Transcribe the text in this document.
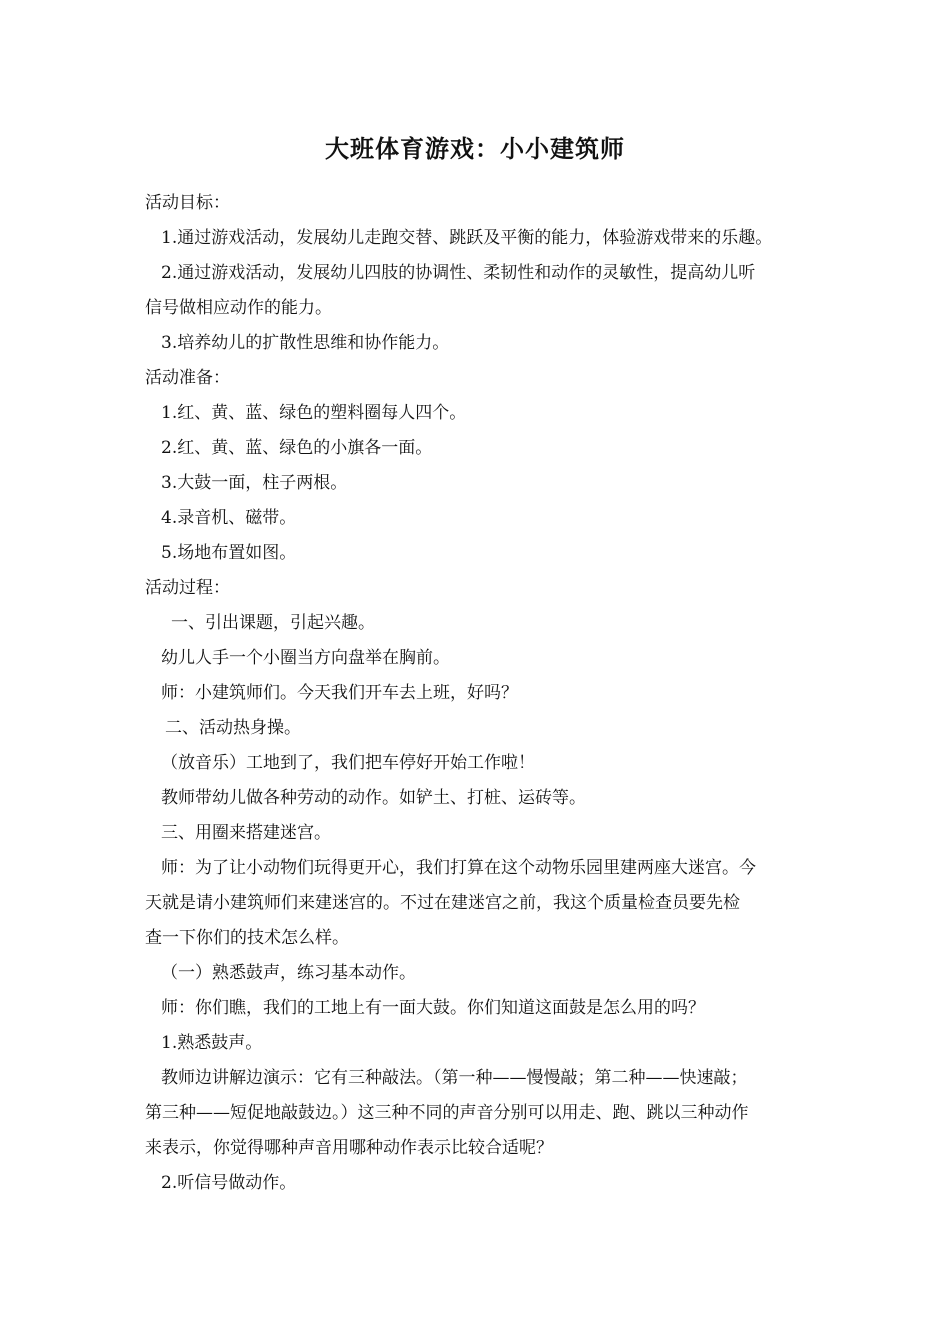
大班体育游戏：小小建筑师

活动目标：

1.通过游戏活动，发展幼儿走跑交替、跳跃及平衡的能力，体验游戏带来的乐趣。

2.通过游戏活动，发展幼儿四肢的协调性、柔韧性和动作的灵敏性，提高幼儿听

信号做相应动作的能力。

3.培养幼儿的扩散性思维和协作能力。

活动准备：

1.红、黄、蓝、绿色的塑料圈每人四个。

2.红、黄、蓝、绿色的小旗各一面。

3.大鼓一面，柱子两根。

4.录音机、磁带。

5.场地布置如图。

活动过程：

一、引出课题，引起兴趣。

幼儿人手一个小圈当方向盘举在胸前。

师：小建筑师们。今天我们开车去上班，好吗？

二、活动热身操。

（放音乐）工地到了，我们把车停好开始工作啦！

教师带幼儿做各种劳动的动作。如铲土、打桩、运砖等。

三、用圈来搭建迷宫。

师：为了让小动物们玩得更开心，我们打算在这个动物乐园里建两座大迷宫。今

天就是请小建筑师们来建迷宫的。不过在建迷宫之前，我这个质量检查员要先检

查一下你们的技术怎么样。

（一）熟悉鼓声，练习基本动作。

师：你们瞧，我们的工地上有一面大鼓。你们知道这面鼓是怎么用的吗？

1.熟悉鼓声。

教师边讲解边演示：它有三种敲法。（第一种——慢慢敲；第二种——快速敲；

第三种——短促地敲鼓边。）这三种不同的声音分别可以用走、跑、跳以三种动作

来表示，你觉得哪种声音用哪种动作表示比较合适呢？

2.听信号做动作。
